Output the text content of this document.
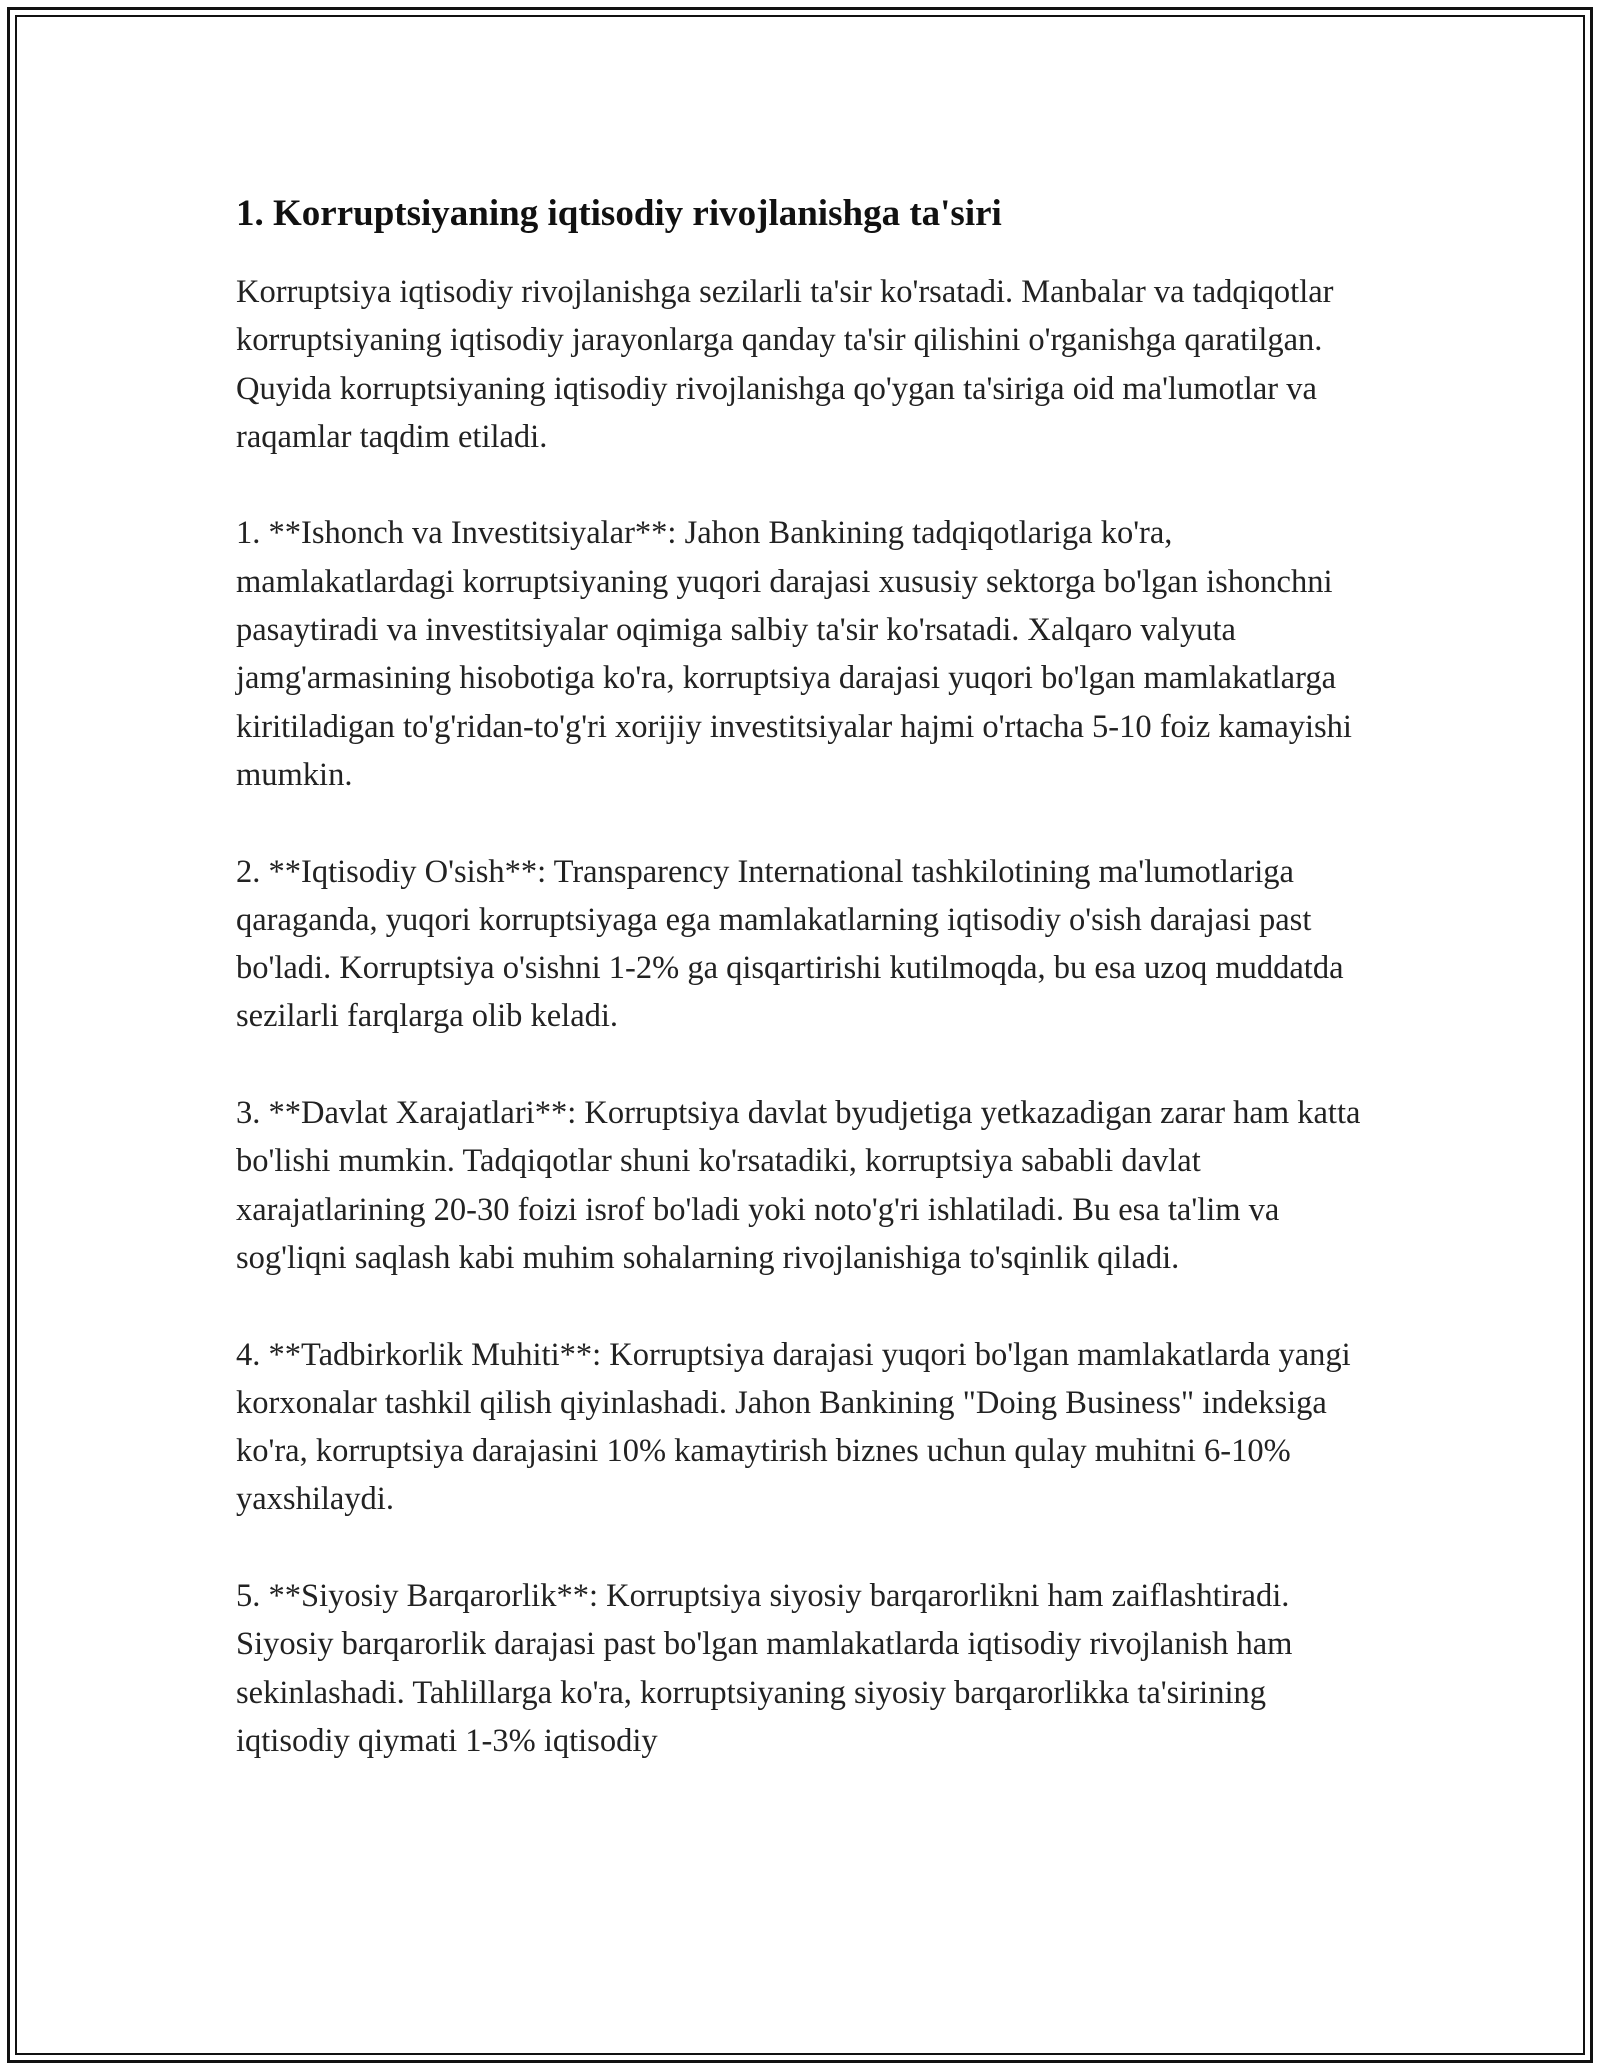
1. Korruptsiyaning iqtisodiy rivojlanishga ta'siri

Korruptsiya iqtisodiy rivojlanishga sezilarli ta'sir ko'rsatadi. Manbalar va tadqiqotlar korruptsiyaning iqtisodiy jarayonlarga qanday ta'sir qilishini o'rganishga qaratilgan. Quyida korruptsiyaning iqtisodiy rivojlanishga qo'ygan ta'siriga oid ma'lumotlar va raqamlar taqdim etiladi.

1. **Ishonch va Investitsiyalar**: Jahon Bankining tadqiqotlariga ko'ra, mamlakatlardagi korruptsiyaning yuqori darajasi xususiy sektorga bo'lgan ishonchni pasaytiradi va investitsiyalar oqimiga salbiy ta'sir ko'rsatadi. Xalqaro valyuta jamg'armasining hisobotiga ko'ra, korruptsiya darajasi yuqori bo'lgan mamlakatlarga kiritiladigan to'g'ridan-to'g'ri xorijiy investitsiyalar hajmi o'rtacha 5-10 foiz kamayishi mumkin.

2. **Iqtisodiy O'sish**: Transparency International tashkilotining ma'lumotlariga qaraganda, yuqori korruptsiyaga ega mamlakatlarning iqtisodiy o'sish darajasi past bo'ladi. Korruptsiya o'sishni 1-2% ga qisqartirishi kutilmoqda, bu esa uzoq muddatda sezilarli farqlarga olib keladi.

3. **Davlat Xarajatlari**: Korruptsiya davlat byudjetiga yetkazadigan zarar ham katta bo'lishi mumkin. Tadqiqotlar shuni ko'rsatadiki, korruptsiya sababli davlat xarajatlarining 20-30 foizi isrof bo'ladi yoki noto'g'ri ishlatiladi. Bu esa ta'lim va sog'liqni saqlash kabi muhim sohalarning rivojlanishiga to'sqinlik qiladi.

4. **Tadbirkorlik Muhiti**: Korruptsiya darajasi yuqori bo'lgan mamlakatlarda yangi korxonalar tashkil qilish qiyinlashadi. Jahon Bankining "Doing Business" indeksiga ko'ra, korruptsiya darajasini 10% kamaytirish biznes uchun qulay muhitni 6-10% yaxshilaydi.

5. **Siyosiy Barqarorlik**: Korruptsiya siyosiy barqarorlikni ham zaiflashtiradi. Siyosiy barqarorlik darajasi past bo'lgan mamlakatlarda iqtisodiy rivojlanish ham sekinlashadi. Tahlillarga ko'ra, korruptsiyaning siyosiy barqarorlikka ta'sirining iqtisodiy qiymati 1-3% iqtisodiy
